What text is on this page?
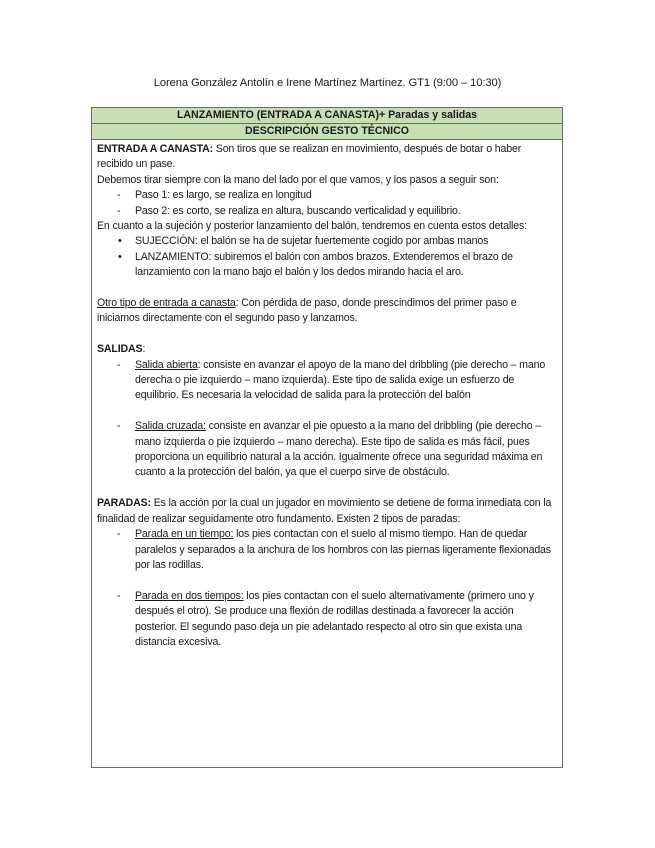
Lorena González Antolín e Irene Martínez Martínez. GT1 (9:00 – 10:30)
LANZAMIENTO (ENTRADA A CANASTA)+ Paradas y salidas
DESCRIPCIÓN GESTO TÉCNICO

ENTRADA A CANASTA: Son tiros que se realizan en movimiento, después de botar o haber recibido un pase.

Debemos tirar siempre con la mano del lado por el que vamos, y los pasos a seguir son:

- Paso 1: es largo, se realiza en longitud
- Paso 2: es corto, se realiza en altura, buscando verticalidad y equilibrio.

En cuanto a la sujeción y posterior lanzamiento del balón, tendremos en cuenta estos detalles:

• SUJECCIÓN: el balón se ha de sujetar fuertemente cogido por ambas manos
• LANZAMIENTO: subiremos el balón con ambos brazos. Extenderemos el brazo de lanzamiento con la mano bajo el balón y los dedos mirando hacia el aro.

Otro tipo de entrada a canasta: Con pérdida de paso, donde prescindimos del primer paso e iniciamos directamente con el segundo paso y lanzamos.

SALIDAS:

- Salida abierta: consiste en avanzar el apoyo de la mano del dribbling (pie derecho – mano derecha o pie izquierdo – mano izquierda). Este tipo de salida exige un esfuerzo de equilibrio. Es necesaria la velocidad de salida para la protección del balón
- Salida cruzada: consiste en avanzar el pie opuesto a la mano del dribbling (pie derecho – mano izquierda o pie izquierdo – mano derecha). Este tipo de salida es más fácil, pues proporciona un equilibrio natural a la acción. Igualmente ofrece una seguridad máxima en cuanto a la protección del balón, ya que el cuerpo sirve de obstáculo.

PARADAS: Es la acción por la cual un jugador en movimiento se detiene de forma inmediata con la finalidad de realizar seguidamente otro fundamento. Existen 2 tipos de paradas:

- Parada en un tiempo: los pies contactan con el suelo al mismo tiempo. Han de quedar paralelos y separados a la anchura de los hombros con las piernas ligeramente flexionadas por las rodillas.
- Parada en dos tiempos: los pies contactan con el suelo alternativamente (primero uno y después el otro). Se produce una flexión de rodillas destinada a favorecer la acción posterior. El segundo paso deja un pie adelantado respecto al otro sin que exista una distancia excesiva.
